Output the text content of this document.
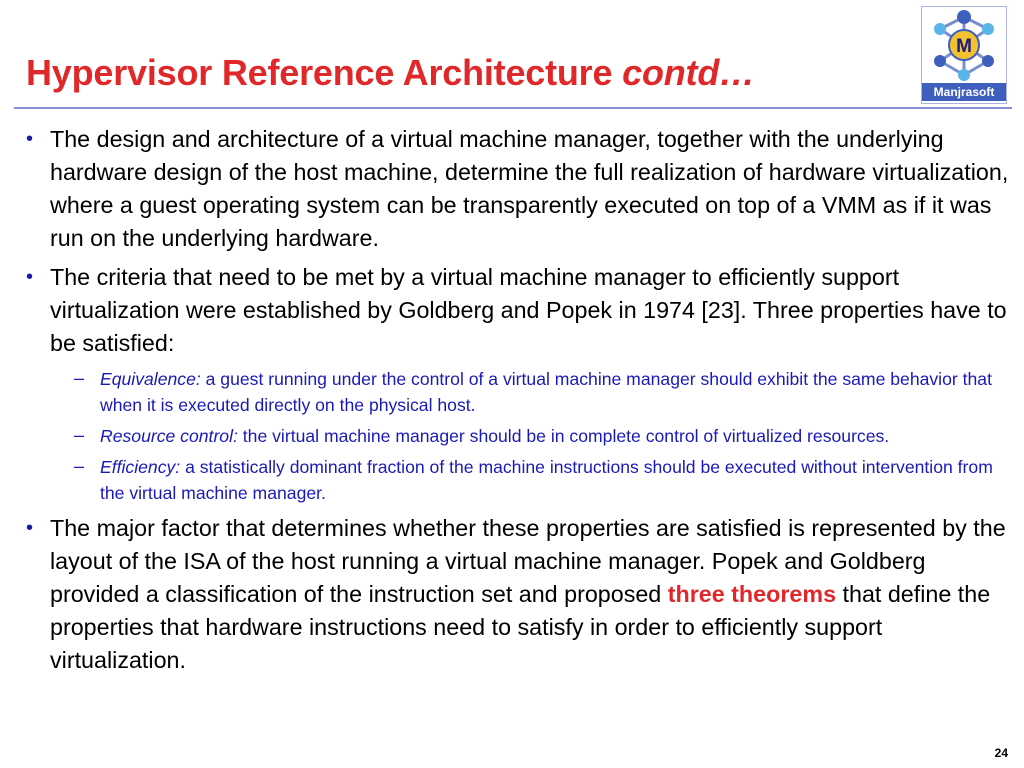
Hypervisor Reference Architecture contd…
M
Manjrasoft
• The design and architecture of a virtual machine manager, together with the underlying hardware design of the host machine, determine the full realization of hardware virtualization, where a guest operating system can be transparently executed on top of a VMM as if it was run on the underlying hardware.
• The criteria that need to be met by a virtual machine manager to efficiently support virtualization were established by Goldberg and Popek in 1974 [23]. Three properties have to be satisfied:
– Equivalence: a guest running under the control of a virtual machine manager should exhibit the same behavior that when it is executed directly on the physical host.
– Resource control: the virtual machine manager should be in complete control of virtualized resources.
– Efficiency: a statistically dominant fraction of the machine instructions should be executed without intervention from the virtual machine manager.
• The major factor that determines whether these properties are satisfied is represented by the layout of the ISA of the host running a virtual machine manager. Popek and Goldberg provided a classification of the instruction set and proposed three theorems that define the properties that hardware instructions need to satisfy in order to efficiently support virtualization.
24
